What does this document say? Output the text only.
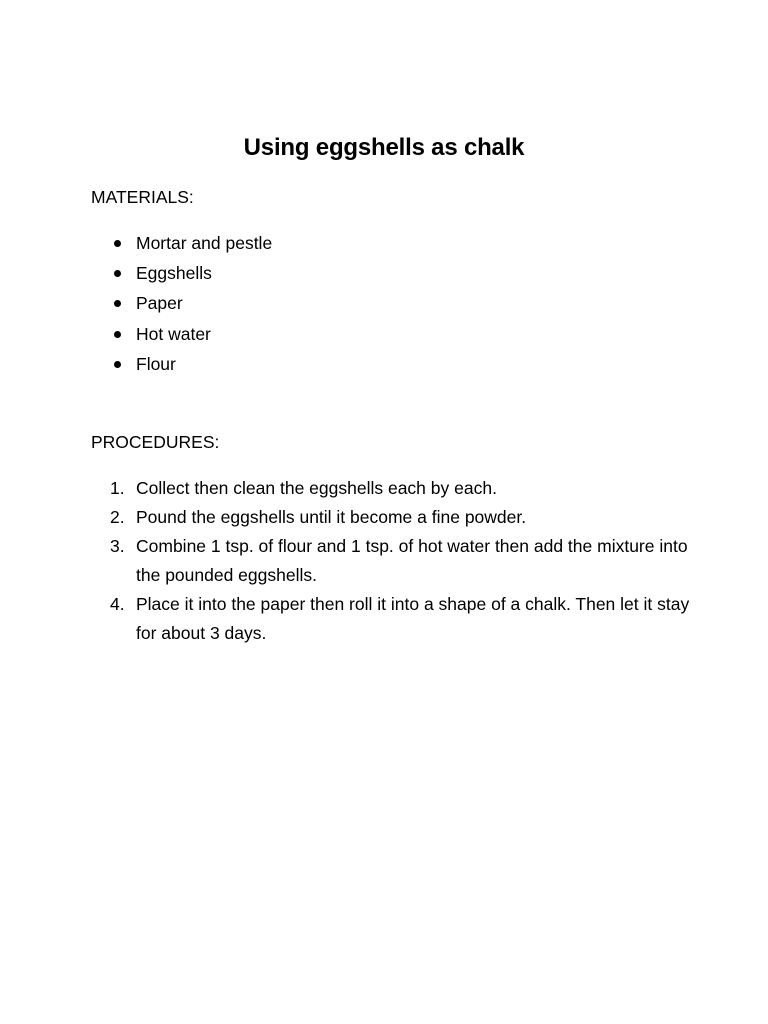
Using eggshells as chalk
MATERIALS:
Mortar and pestle
Eggshells
Paper
Hot water
Flour
PROCEDURES:
1. Collect then clean the eggshells each by each.
2. Pound the eggshells until it become a fine powder.
3. Combine 1 tsp. of flour and 1 tsp. of hot water then add the mixture into the pounded eggshells.
4. Place it into the paper then roll it into a shape of a chalk. Then let it stay for about 3 days.
